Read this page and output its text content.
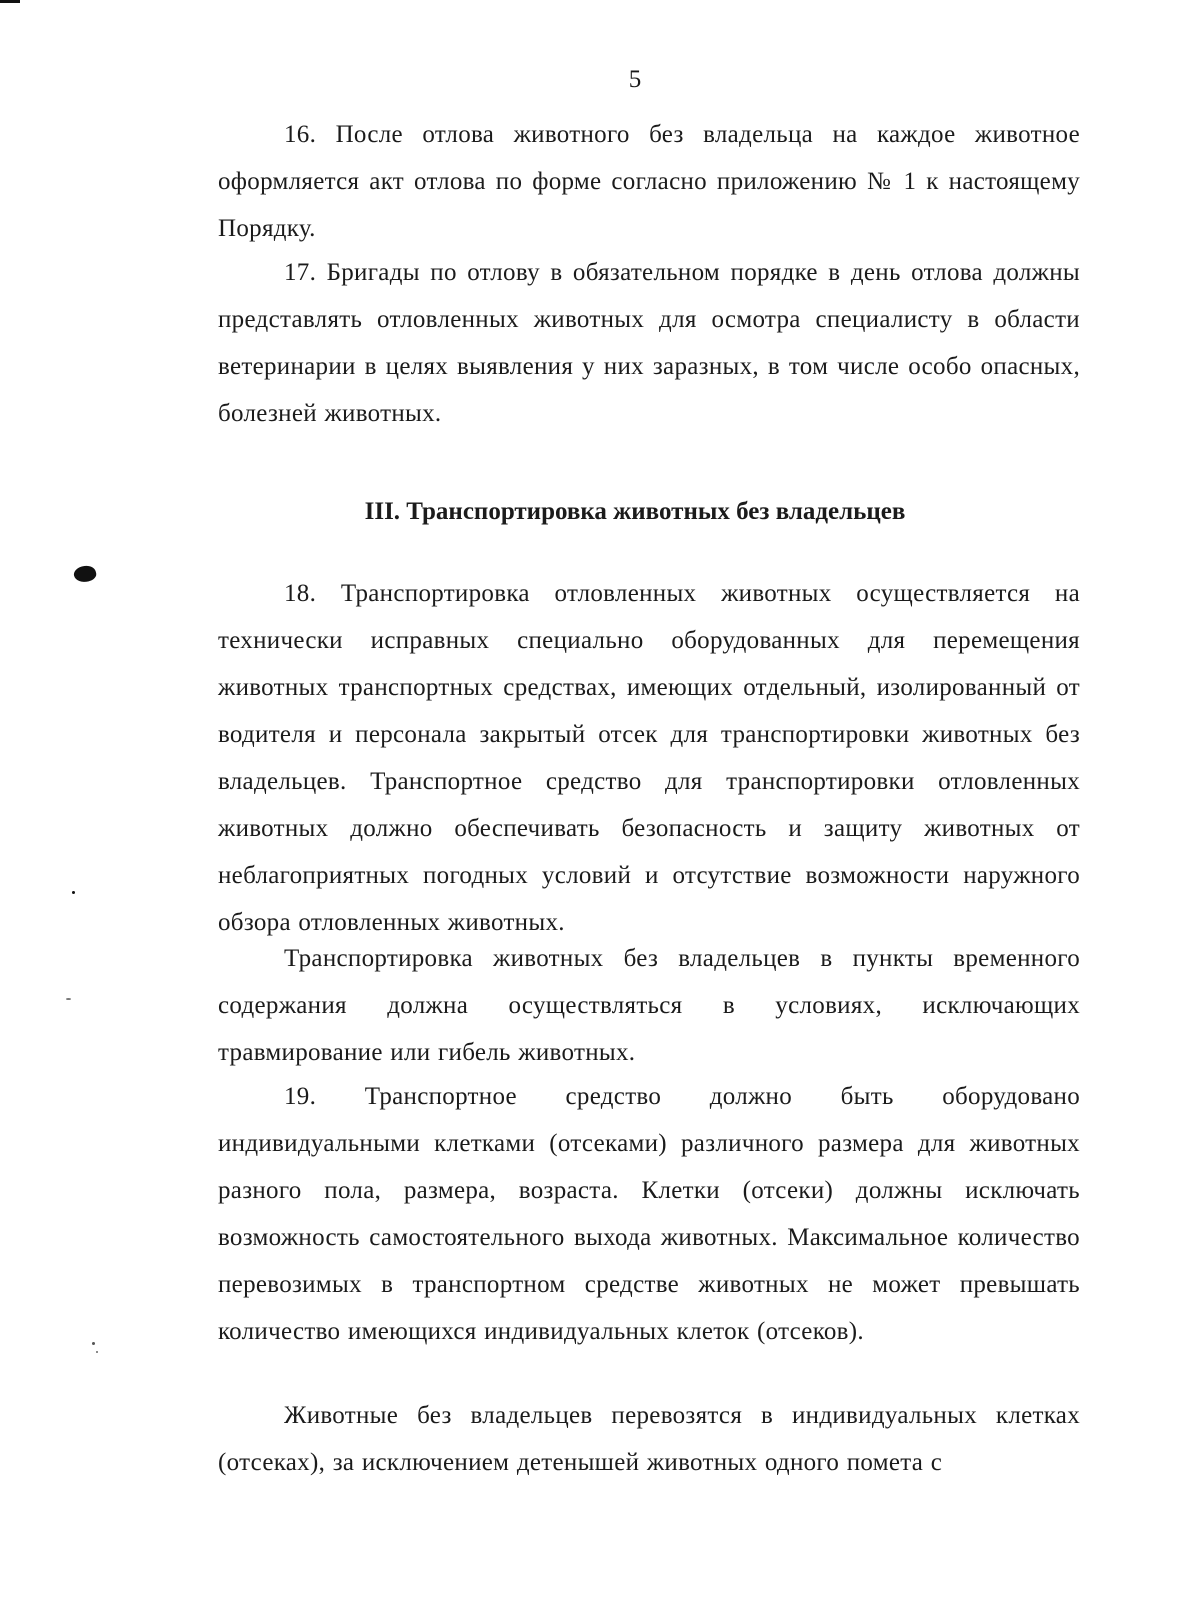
5

16. После отлова животного без владельца на каждое животное оформляется акт отлова по форме согласно приложению № 1 к настоящему Порядку.

17. Бригады по отлову в обязательном порядке в день отлова должны представлять отловленных животных для осмотра специалисту в области ветеринарии в целях выявления у них заразных, в том числе особо опасных, болезней животных.

III. Транспортировка животных без владельцев

18. Транспортировка отловленных животных осуществляется на технически исправных специально оборудованных для перемещения животных транспортных средствах, имеющих отдельный, изолированный от водителя и персонала закрытый отсек для транспортировки животных без владельцев. Транспортное средство для транспортировки отловленных животных должно обеспечивать безопасность и защиту животных от неблагоприятных погодных условий и отсутствие возможности наружного обзора отловленных животных.

Транспортировка животных без владельцев в пункты временного содержания должна осуществляться в условиях, исключающих травмирование или гибель животных.

19. Транспортное средство должно быть оборудовано индивидуальными клетками (отсеками) различного размера для животных разного пола, размера, возраста. Клетки (отсеки) должны исключать возможность самостоятельного выхода животных. Максимальное количество перевозимых в транспортном средстве животных не может превышать количество имеющихся индивидуальных клеток (отсеков).

Животные без владельцев перевозятся в индивидуальных клетках (отсеках), за исключением детенышей животных одного помета с
